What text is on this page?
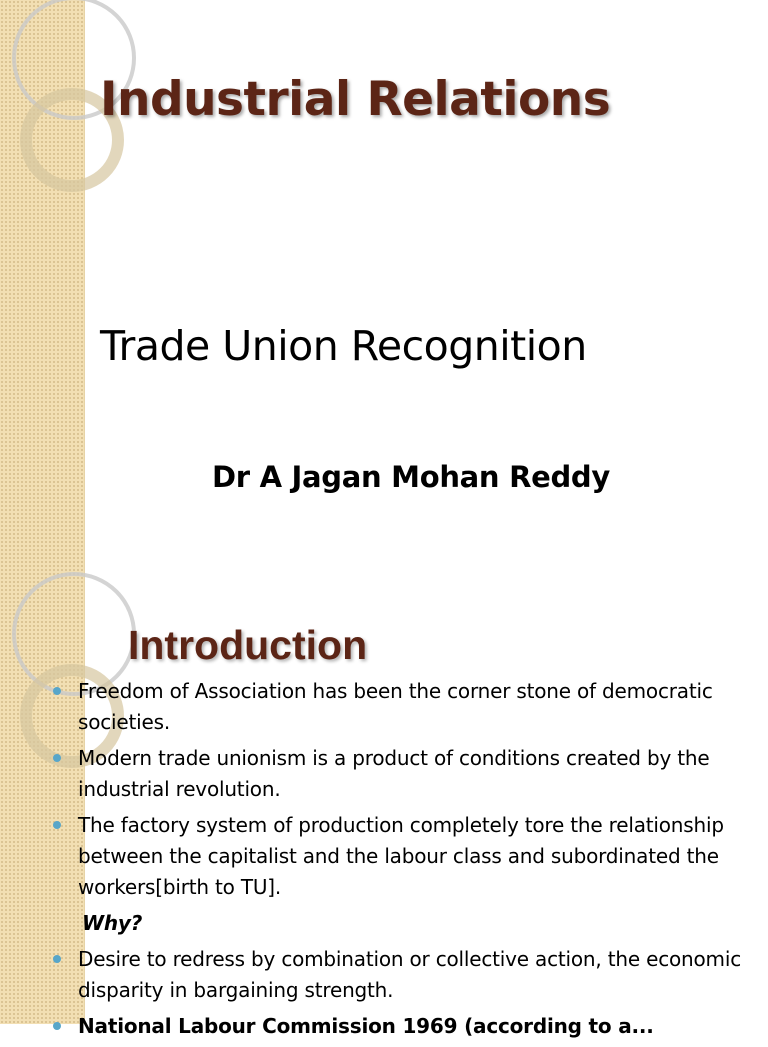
Industrial Relations
Trade Union Recognition
Dr A Jagan Mohan Reddy
Introduction
Freedom of Association has been the corner stone of democratic societies.
Modern trade unionism is a product of conditions created by the industrial revolution.
The factory system of production completely tore the relationship between the capitalist and the labour class and subordinated the workers[birth to TU].
Why?
Desire to redress by combination or collective action, the economic disparity in bargaining strength.
National Labour Commission 1969 (according to a...
